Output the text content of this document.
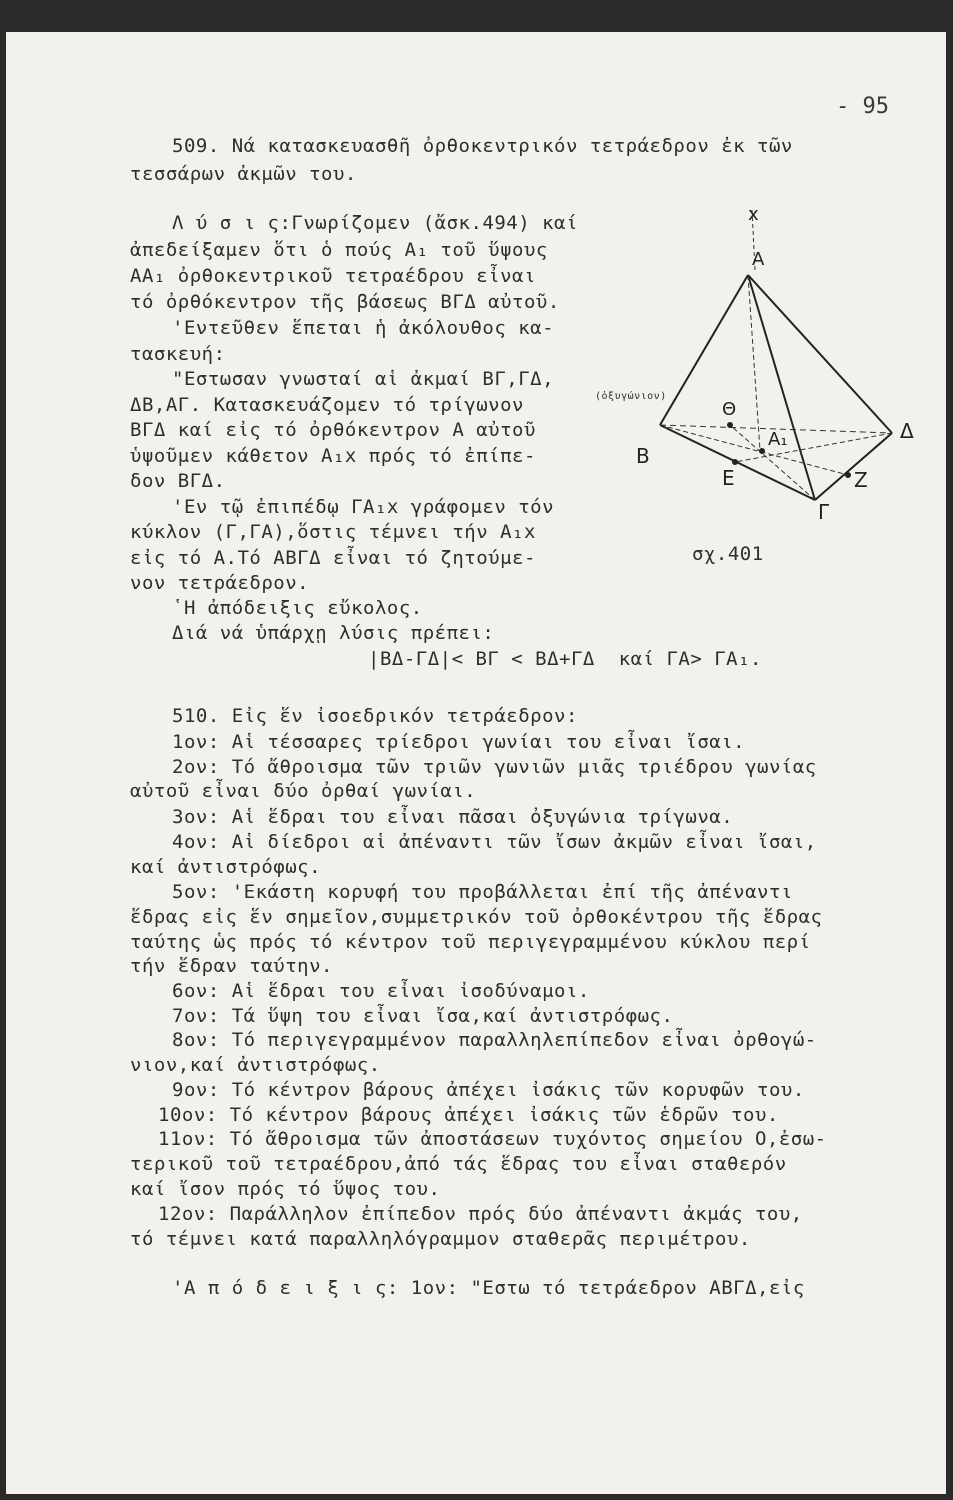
- 95
509. Νά κατασκευασθῆ ὀρθοκεντρικόν τετράεδρον ἐκ τῶν
τεσσάρων ἀκμῶν του.
Λ ύ σ ι ς:Γνωρίζομεν (ἄσκ.494) καί
ἀπεδείξαμεν ὅτι ὁ πούς Α₁ τοῦ ὕψους
ΑΑ₁ ὀρθοκεντρικοῦ τετραέδρου εἶναι
τό ὀρθόκεντρον τῆς βάσεως ΒΓΔ αὐτοῦ.
'Εντεῦθεν ἕπεται ἡ ἀκόλουθος κα-
τασκευή:
"Εστωσαν γνωσταί αἱ ἀκμαί ΒΓ,ΓΔ,
ΔΒ,ΑΓ. Κατασκευάζομεν τό τρίγωνον	(ὀξυγώνιον)
ΒΓΔ καί εἰς τό ὀρθόκεντρον Α αὐτοῦ
ὑψοῦμεν κάθετον Α₁x πρός τό ἐπίπε-
δον ΒΓΔ.
'Εν τῷ ἐπιπέδῳ ΓΑ₁x γράφομεν τόν
κύκλον (Γ,ΓΑ),ὅστις τέμνει τήν Α₁x
εἰς τό Α.Τό ΑΒΓΔ εἶναι τό ζητούμε-
νον τετράεδρον.
῾Η ἀπόδειξις εὔκολος.
Διά νά ὑπάρχῃ λύσις πρέπει:
|ΒΔ-ΓΔ|< ΒΓ < ΒΔ+ΓΔ  καί ΓΑ> ΓΑ₁.
x
Α
Β
Δ
Θ
Α₁
Ε	Ζ
Γ
σχ.401
510. Εἰς ἕν ἰσοεδρικόν τετράεδρον:
1ον: Αἱ τέσσαρες τρίεδροι γωνίαι του εἶναι ἴσαι.
2ον: Τό ἄθροισμα τῶν τριῶν γωνιῶν μιᾶς τριέδρου γωνίας
αὐτοῦ εἶναι δύο ὀρθαί γωνίαι.
3ον: Αἱ ἕδραι του εἶναι πᾶσαι ὀξυγώνια τρίγωνα.
4ον: Αἱ δίεδροι αἱ ἀπέναντι τῶν ἴσων ἀκμῶν εἶναι ἴσαι,
καί ἀντιστρόφως.
5ον: 'Εκάστη κορυφή του προβάλλεται ἐπί τῆς ἀπέναντι
ἕδρας εἰς ἕν σημεῖον,συμμετρικόν τοῦ ὀρθοκέντρου τῆς ἕδρας
ταύτης ὡς πρός τό κέντρον τοῦ περιγεγραμμένου κύκλου περί
τήν ἕδραν ταύτην.
6ον: Αἱ ἕδραι του εἶναι ἰσοδύναμοι.
7ον: Τά ὕψη του εἶναι ἴσα,καί ἀντιστρόφως.
8ον: Τό περιγεγραμμένον παραλληλεπίπεδον εἶναι ὀρθογώ-
νιον,καί ἀντιστρόφως.
9ον: Τό κέντρον βάρους ἀπέχει ἰσάκις τῶν κορυφῶν του.
10ον: Τό κέντρον βάρους ἀπέχει ἰσάκις τῶν ἑδρῶν του.
11ον: Τό ἄθροισμα τῶν ἀποστάσεων τυχόντος σημείου Ο,ἐσω-
τερικοῦ τοῦ τετραέδρου,ἀπό τάς ἕδρας του εἶναι σταθερόν
καί ἴσον πρός τό ὕψος του.
12ον: Παράλληλον ἐπίπεδον πρός δύο ἀπέναντι ἀκμάς του,
τό τέμνει κατά παραλληλόγραμμον σταθερᾶς περιμέτρου.
'Α π ό δ ε ι ξ ι ς: 1ον: "Εστω τό τετράεδρον ΑΒΓΔ,εἰς
